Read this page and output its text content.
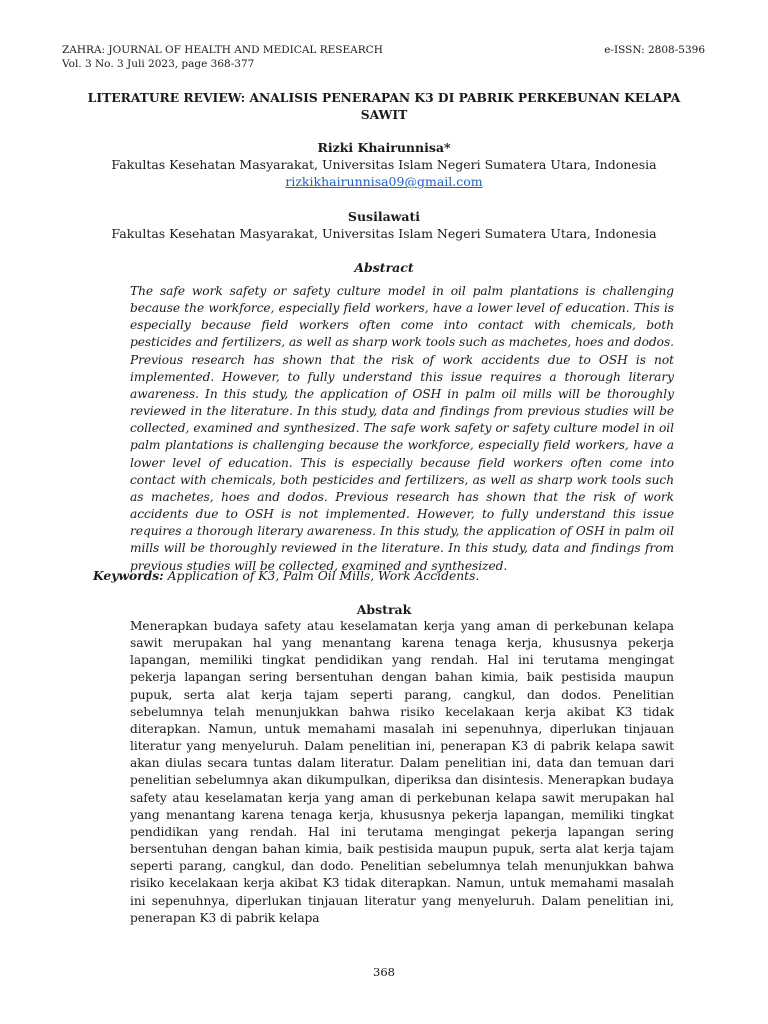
ZAHRA: JOURNAL OF HEALTH AND MEDICAL RESEARCH
Vol. 3 No. 3 Juli 2023, page 368-377
e-ISSN: 2808-5396
LITERATURE REVIEW: ANALISIS PENERAPAN K3 DI PABRIK PERKEBUNAN KELAPA
SAWIT
Rizki Khairunnisa*
Fakultas Kesehatan Masyarakat, Universitas Islam Negeri Sumatera Utara, Indonesia
rizkikhairunnisa09@gmail.com
Susilawati
Fakultas Kesehatan Masyarakat, Universitas Islam Negeri Sumatera Utara, Indonesia
Abstract
The safe work safety or safety culture model in oil palm plantations is challenging because the workforce, especially field workers, have a lower level of education. This is especially because field workers often come into contact with chemicals, both pesticides and fertilizers, as well as sharp work tools such as machetes, hoes and dodos. Previous research has shown that the risk of work accidents due to OSH is not implemented. However, to fully understand this issue requires a thorough literary awareness. In this study, the application of OSH in palm oil mills will be thoroughly reviewed in the literature. In this study, data and findings from previous studies will be collected, examined and synthesized. The safe work safety or safety culture model in oil palm plantations is challenging because the workforce, especially field workers, have a lower level of education. This is especially because field workers often come into contact with chemicals, both pesticides and fertilizers, as well as sharp work tools such as machetes, hoes and dodos. Previous research has shown that the risk of work accidents due to OSH is not implemented. However, to fully understand this issue requires a thorough literary awareness. In this study, the application of OSH in palm oil mills will be thoroughly reviewed in the literature. In this study, data and findings from previous studies will be collected, examined and synthesized.
Keywords: Application of K3, Palm Oil Mills, Work Accidents.
Abstrak
Menerapkan budaya safety atau keselamatan kerja yang aman di perkebunan kelapa sawit merupakan hal yang menantang karena tenaga kerja, khususnya pekerja lapangan, memiliki tingkat pendidikan yang rendah. Hal ini terutama mengingat pekerja lapangan sering bersentuhan dengan bahan kimia, baik pestisida maupun pupuk, serta alat kerja tajam seperti parang, cangkul, dan dodos. Penelitian sebelumnya telah menunjukkan bahwa risiko kecelakaan kerja akibat K3 tidak diterapkan. Namun, untuk memahami masalah ini sepenuhnya, diperlukan tinjauan literatur yang menyeluruh. Dalam penelitian ini, penerapan K3 di pabrik kelapa sawit akan diulas secara tuntas dalam literatur. Dalam penelitian ini, data dan temuan dari penelitian sebelumnya akan dikumpulkan, diperiksa dan disintesis. Menerapkan budaya safety atau keselamatan kerja yang aman di perkebunan kelapa sawit merupakan hal yang menantang karena tenaga kerja, khususnya pekerja lapangan, memiliki tingkat pendidikan yang rendah. Hal ini terutama mengingat pekerja lapangan sering bersentuhan dengan bahan kimia, baik pestisida maupun pupuk, serta alat kerja tajam seperti parang, cangkul, dan dodo. Penelitian sebelumnya telah menunjukkan bahwa risiko kecelakaan kerja akibat K3 tidak diterapkan. Namun, untuk memahami masalah ini sepenuhnya, diperlukan tinjauan literatur yang menyeluruh. Dalam penelitian ini, penerapan K3 di pabrik kelapa
368
